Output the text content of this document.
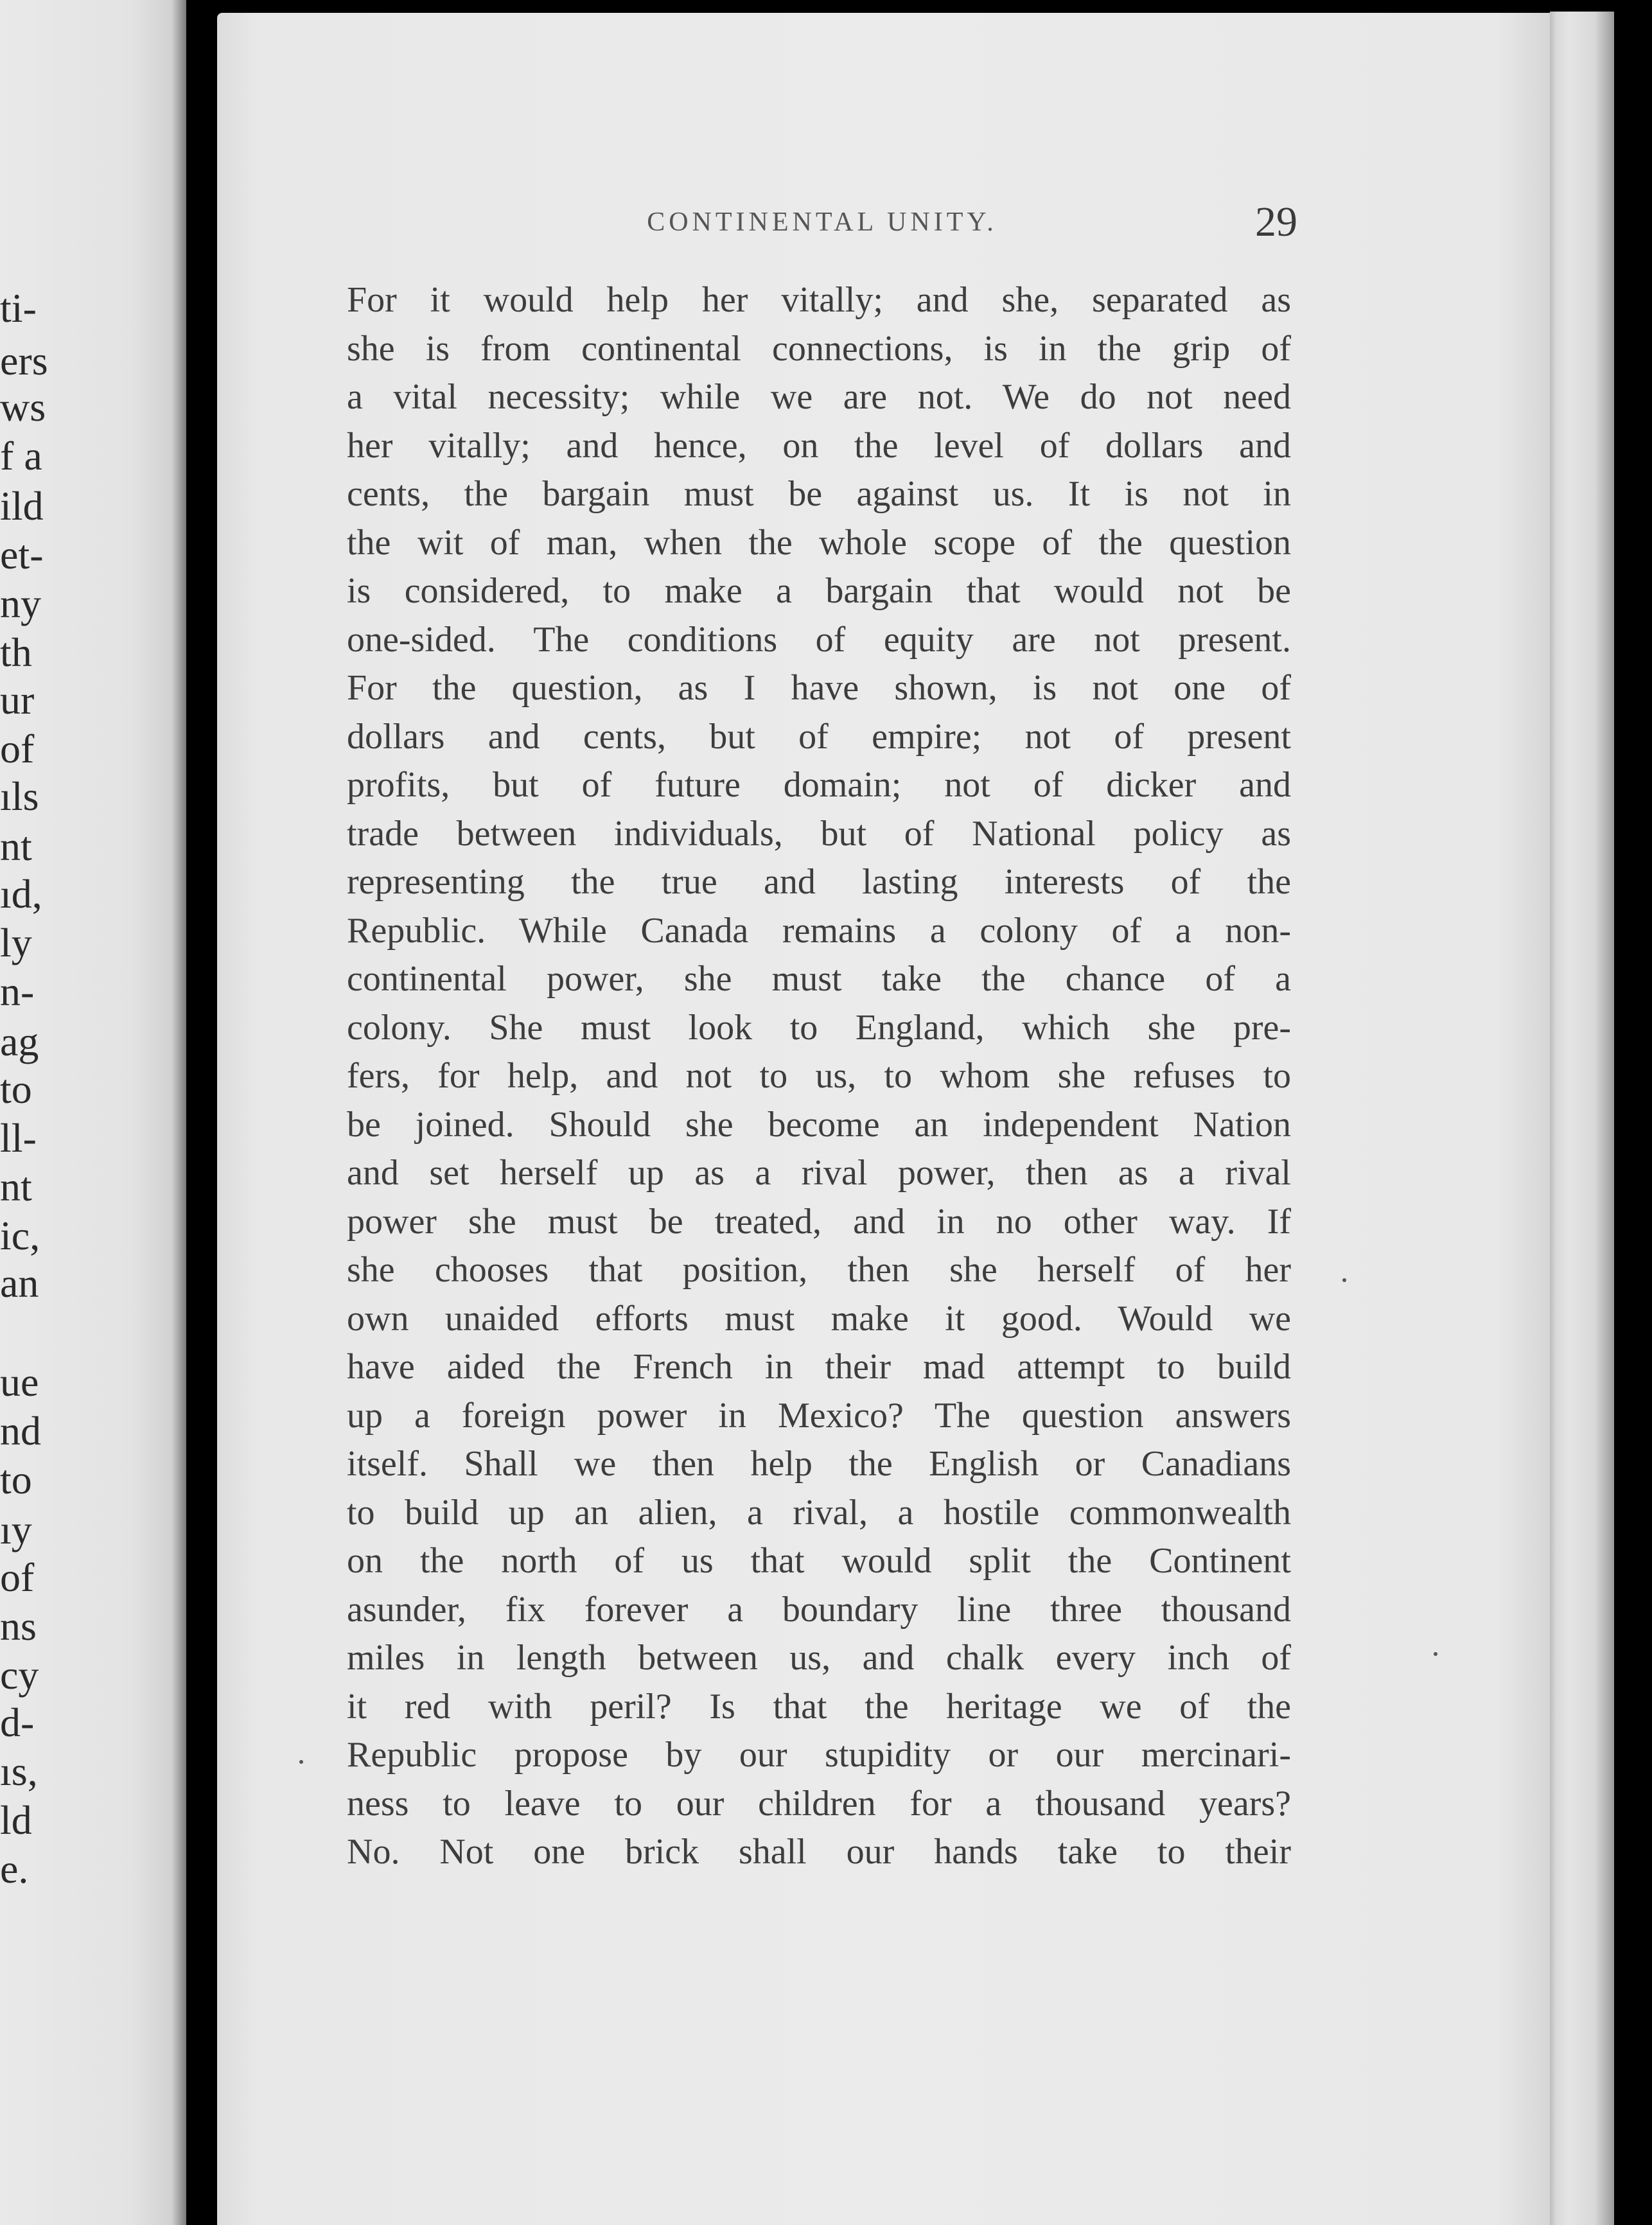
ti-
ers
ws
f a
ild
et-
ny
th
ur
of
ıls
nt
ıd,
ly
n-
ag
to
ll-
nt
ic,
an
ue
nd
to
ıy
of
ns
cy
d-
ıs,
ld
e.
CONTINENTAL UNITY.	29
For it would help her vitally; and she, separated as
she is from continental connections, is in the grip of
a vital necessity; while we are not. We do not need
her vitally; and hence, on the level of dollars and
cents, the bargain must be against us. It is not in
the wit of man, when the whole scope of the question
is considered, to make a bargain that would not be
one-sided. The conditions of equity are not present.
For the question, as I have shown, is not one of
dollars and cents, but of empire; not of present
profits, but of future domain; not of dicker and
trade between individuals, but of National policy as
representing the true and lasting interests of the
Republic. While Canada remains a colony of a non-
continental power, she must take the chance of a
colony. She must look to England, which she pre-
fers, for help, and not to us, to whom she refuses to
be joined. Should she become an independent Nation
and set herself up as a rival power, then as a rival
power she must be treated, and in no other way. If
she chooses that position, then she herself of her
own unaided efforts must make it good. Would we
have aided the French in their mad attempt to build
up a foreign power in Mexico? The question answers
itself. Shall we then help the English or Canadians
to build up an alien, a rival, a hostile commonwealth
on the north of us that would split the Continent
asunder, fix forever a boundary line three thousand
miles in length between us, and chalk every inch of
it red with peril? Is that the heritage we of the
Republic propose by our stupidity or our mercinari-
ness to leave to our children for a thousand years?
No. Not one brick shall our hands take to their
